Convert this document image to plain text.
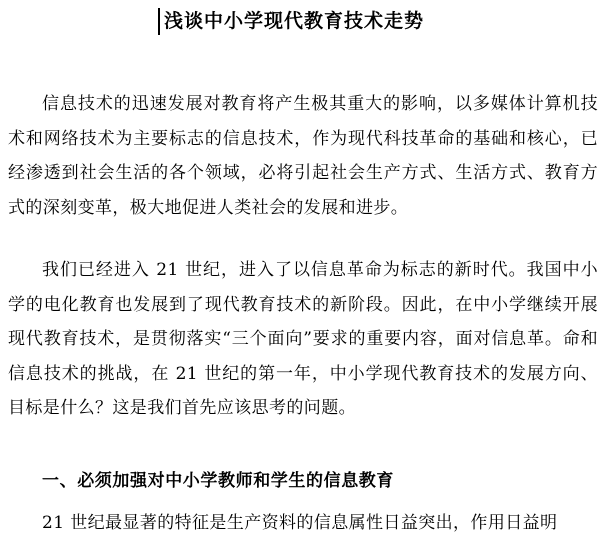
浅谈中小学现代教育技术走势

信息技术的迅速发展对教育将产生极其重大的影响，以多媒体计算机技术和网络技术为主要标志的信息技术，作为现代科技革命的基础和核心，已经渗透到社会生活的各个领域，必将引起社会生产方式、生活方式、教育方式的深刻变革，极大地促进人类社会的发展和进步。

我们已经进入 21 世纪，进入了以信息革命为标志的新时代。我国中小学的电化教育也发展到了现代教育技术的新阶段。因此，在中小学继续开展现代教育技术，是贯彻落实“三个面向”要求的重要内容，面对信息革。命和信息技术的挑战，在 21 世纪的第一年，中小学现代教育技术的发展方向、目标是什么？这是我们首先应该思考的问题。

一、必须加强对中小学教师和学生的信息教育

21 世纪最显著的特征是生产资料的信息属性日益突出，作用日益明
